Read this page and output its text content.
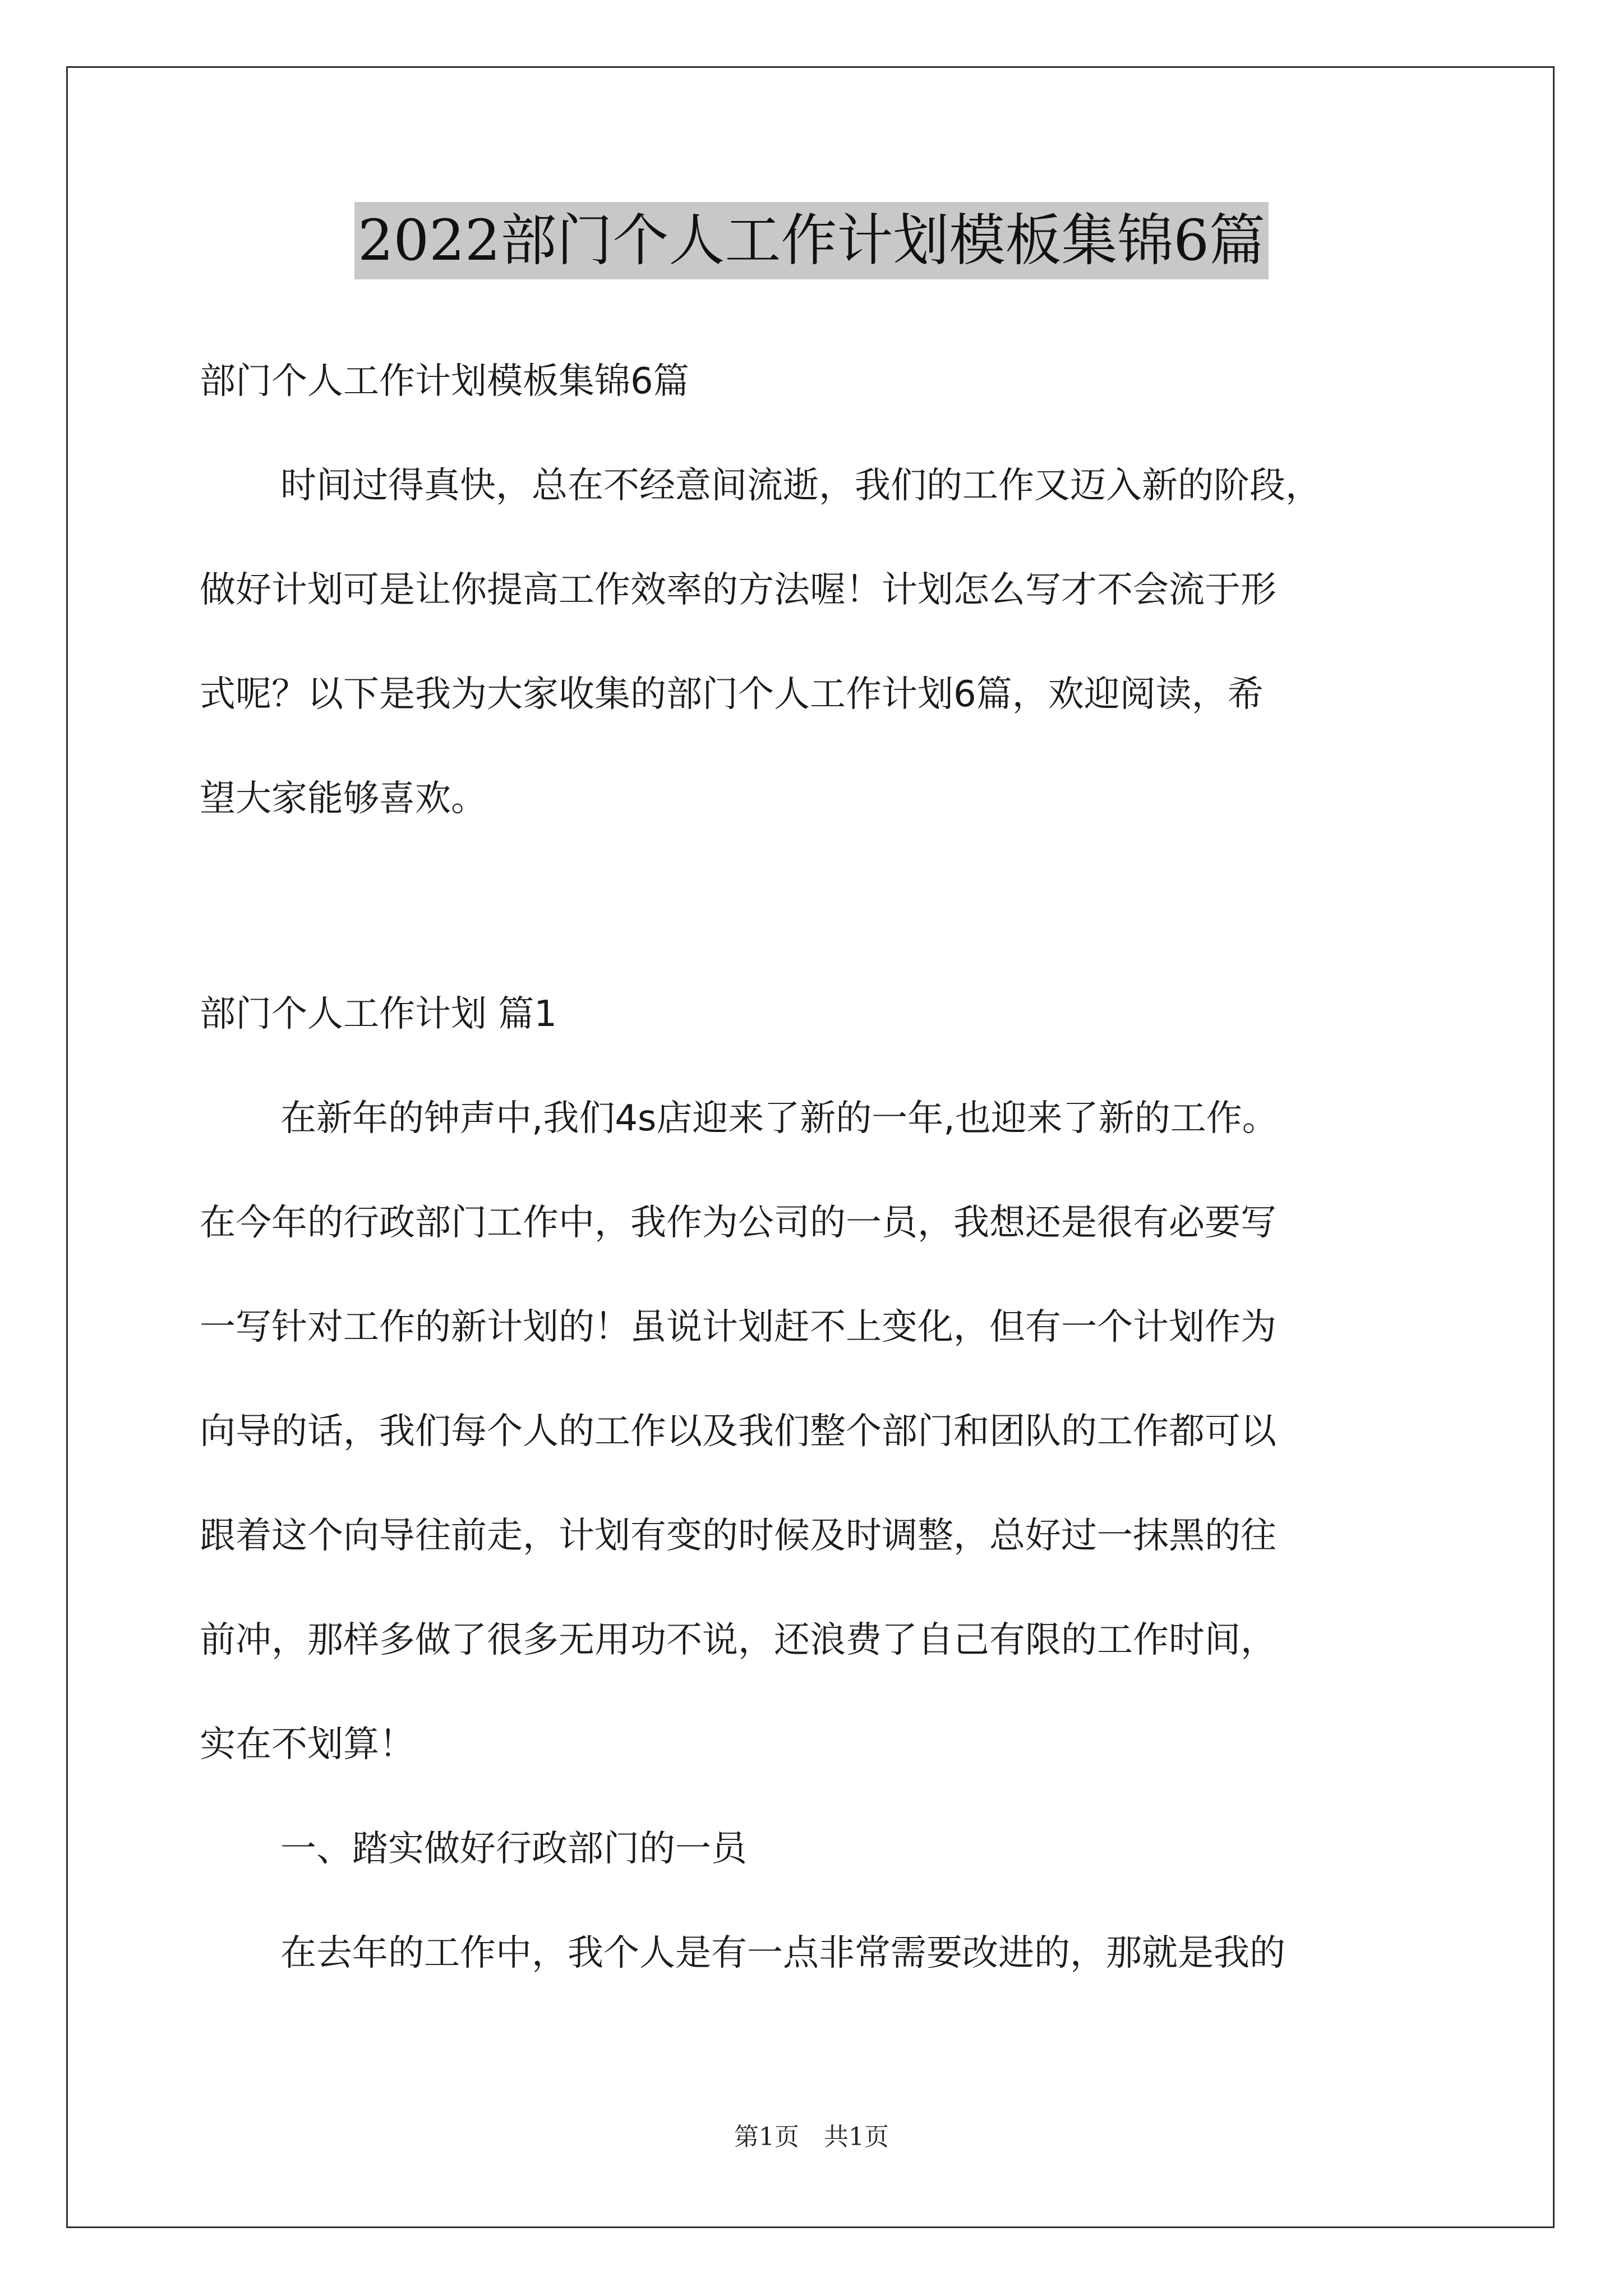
2022部门个人工作计划模板集锦6篇
部门个人工作计划模板集锦6篇
时间过得真快，总在不经意间流逝，我们的工作又迈入新的阶段，
做好计划可是让你提高工作效率的方法喔！计划怎么写才不会流于形
式呢？以下是我为大家收集的部门个人工作计划6篇，欢迎阅读，希
望大家能够喜欢。
部门个人工作计划 篇1
在新年的钟声中,我们4s店迎来了新的一年,也迎来了新的工作。
在今年的行政部门工作中，我作为公司的一员，我想还是很有必要写
一写针对工作的新计划的！虽说计划赶不上变化，但有一个计划作为
向导的话，我们每个人的工作以及我们整个部门和团队的工作都可以
跟着这个向导往前走，计划有变的时候及时调整，总好过一抹黑的往
前冲，那样多做了很多无用功不说，还浪费了自己有限的工作时间，
实在不划算！
一、踏实做好行政部门的一员
在去年的工作中，我个人是有一点非常需要改进的，那就是我的
第1页　共1页
